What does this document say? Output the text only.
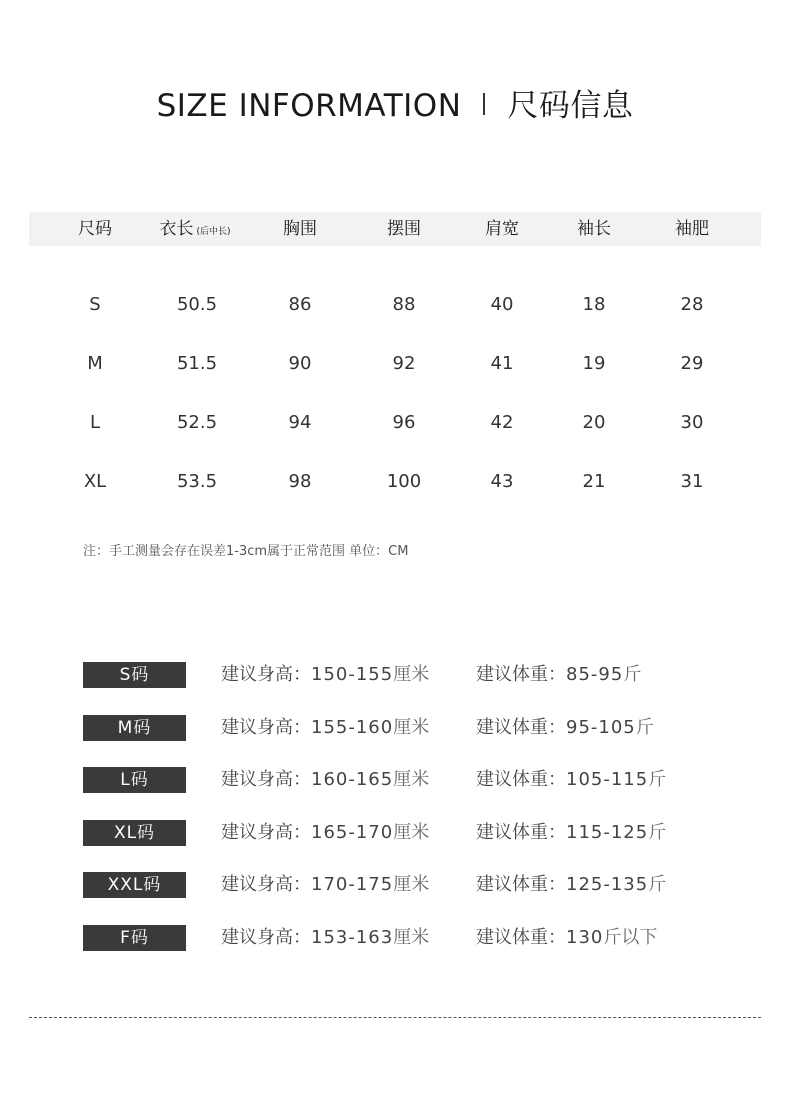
SIZE INFORMATION 尺码信息
尺码	衣长 (后中长)	胸围	摆围	肩宽	袖长	袖肥
S	50.5	86	88	40	18	28
M	51.5	90	92	41	19	29
L	52.5	94	96	42	20	30
XL	53.5	98	100	43	21	31
注：手工测量会存在误差1-3cm属于正常范围 单位：CM
S码	建议身高：150-155厘米	建议体重：85-95斤
M码	建议身高：155-160厘米	建议体重：95-105斤
L码	建议身高：160-165厘米	建议体重：105-115斤
XL码	建议身高：165-170厘米	建议体重：115-125斤
XXL码	建议身高：170-175厘米	建议体重：125-135斤
F码	建议身高：153-163厘米	建议体重：130斤以下
